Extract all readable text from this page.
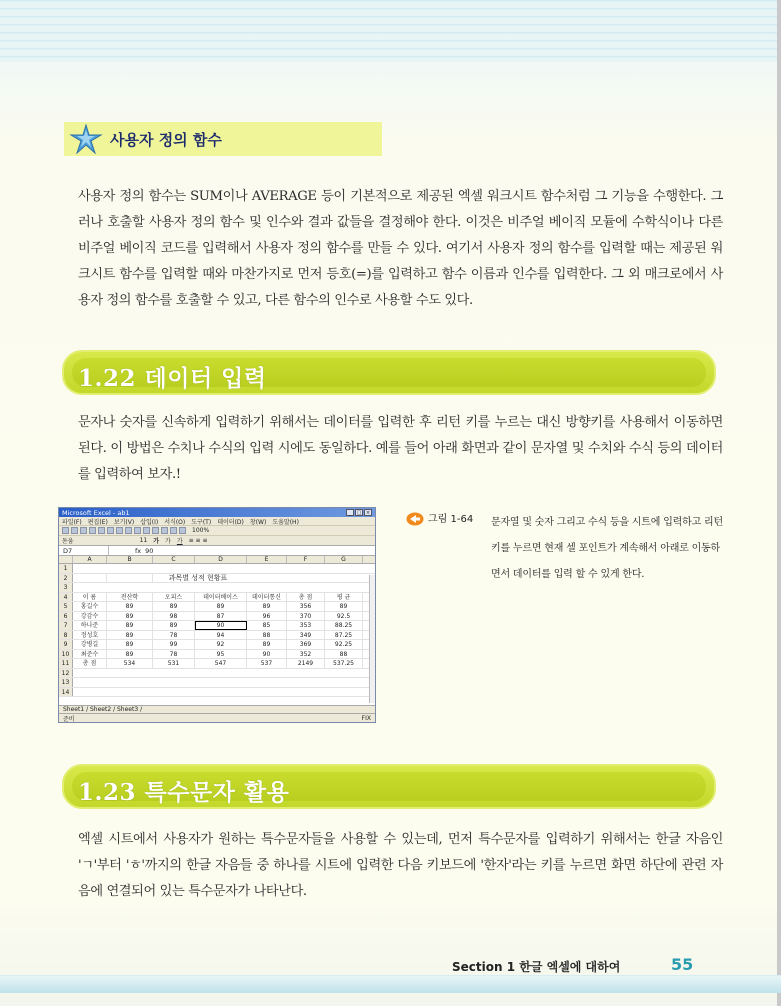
사용자 정의 함수

사용자 정의 함수는 SUM이나 AVERAGE 등이 기본적으로 제공된 엑셀 워크시트 함수처럼 그 기능을 수행한다. 그러나 호출할 사용자 정의 함수 및 인수와 결과 값들을 결정해야 한다. 이것은 비주얼 베이직 모듈에 수학식이나 다른 비주얼 베이직 코드를 입력해서 사용자 정의 함수를 만들 수 있다. 여기서 사용자 정의 함수를 입력할 때는 제공된 워크시트 함수를 입력할 때와 마찬가지로 먼저 등호(=)를 입력하고 함수 이름과 인수를 입력한다. 그 외 매크로에서 사용자 정의 함수를 호출할 수 있고, 다른 함수의 인수로 사용할 수도 있다.

1.22 데이터 입력

문자나 숫자를 신속하게 입력하기 위해서는 데이터를 입력한 후 리턴 키를 누르는 대신 방향키를 사용해서 이동하면 된다. 이 방법은 수치나 수식의 입력 시에도 동일하다. 예를 들어 아래 화면과 같이 문자열 및 수치와 수식 등의 데이터를 입력하여 보자.!

Microsoft Excel - ab1	_	□ ×
파일(F) 편집(E) 보기(V) 삽입(I) 서식(O) 도구(T) 데이터(D) 창(W) 도움말(H)
100%
돋움	11 가 가 가 ≡ ≡ ≡
D7	fx 90
A	B	C	D	E	F	G
1
2	과목별 성적 현황표
3
4	이 름	전산학	오피스	데이터베이스	데이터통신	총 점	평 균
5	홍길수	89	89	89	89	356	89
6	강감수	89	98	87	96	370	92.5
7	하나준	89	89	90	85	353	88.25
8	정성호	89	78	94	88	349	87.25
9	강병길	89	99	92	89	369	92.25
10	최준수	89	78	95	90	352	88
11	총 점	534	531	547	537	2149	537.25
12
13
14
Sheet1 / Sheet2 / Sheet3 /
준비	FIX
그림 1-64 문자열 및 숫자 그리고 수식 등을 시트에 입력하고 리턴 키를 누르면 현재 셀 포인트가 계속해서 아래로 이동하면서 데이터를 입력 할 수 있게 한다.

1.23 특수문자 활용

엑셀 시트에서 사용자가 원하는 특수문자들을 사용할 수 있는데, 먼저 특수문자를 입력하기 위해서는 한글 자음인 'ㄱ'부터 'ㅎ'까지의 한글 자음들 중 하나를 시트에 입력한 다음 키보드에 '한자'라는 키를 누르면 화면 하단에 관련 자음에 연결되어 있는 특수문자가 나타난다.

Section 1 한글 엑셀에 대하여	55
